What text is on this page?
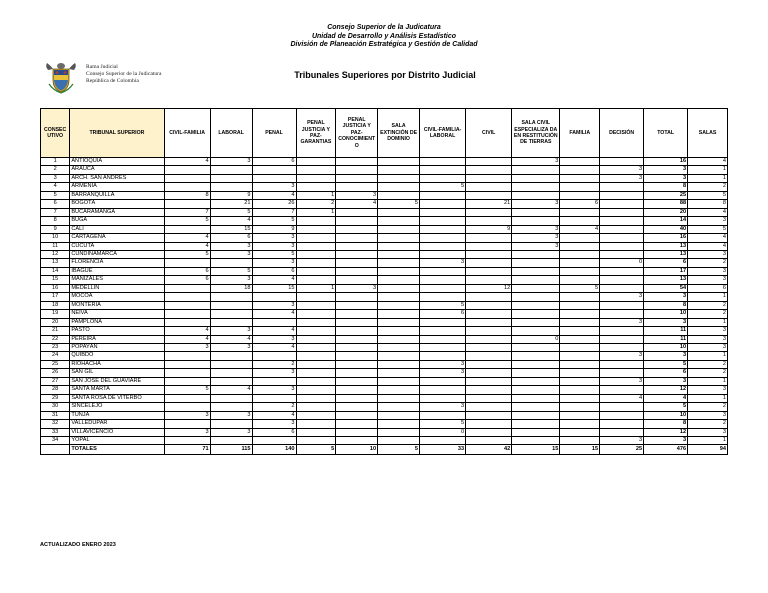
Consejo Superior de la Judicatura
Unidad de Desarrollo y Análisis Estadístico
División de Planeación Estratégica y Gestión de Calidad
Rama Judicial
Consejo Superior de la Judicatura
República de Colombia
Tribunales Superiores por Distrito Judicial
CONSEC UTIVO	TRIBUNAL SUPERIOR	CIVIL-FAMILIA	LABORAL	PENAL	PENAL JUSTICIA Y PAZ-GARANTIAS	PENAL JUSTICIA Y PAZ-CONOCIMIENT O	SALA EXTINCIÓN DE DOMINIO	CIVIL-FAMILIA-LABORAL	CIVIL	SALA CIVIL ESPECIALIZA DA EN RESTITUCIÓN DE TIERRAS	FAMILIA	DECISIÓN	TOTAL	SALAS
1	ANTIOQUIA	4	3	6						3			16	4
2	ARAUCA											3	3	1
3	ARCH. SAN ANDRÉS											3	3	1
4	ARMENIA			3				5					8	2
5	BARRANQUILLA	8	9	4	1	3							25	5
6	BOGOTÁ		21	26	2	4	5		21	3	6		88	8
7	BUCARAMANGA	7	5	7	1								20	4
8	BUGA	5	4	5									14	3
9	CALI		15	9					9	3	4		40	5
10	CARTAGENA	4	6	3						3			16	4
11	CÚCUTA	4	3	3						3			13	4
12	CUNDINAMARCA	5	3	5									13	3
13	FLORENCIA			3				3				0	6	2
14	IBAGUÉ	6	5	6									17	3
15	MANIZALES	6	3	4									13	3
16	MEDELLÍN		18	15	1	3			12		5		54	6
17	MOCOA											3	3	1
18	MONTERÍA			3				5					8	2
19	NEIVA			4				6					10	2
20	PAMPLONA											3	3	1
21	PASTO	4	3	4									11	3
22	PEREIRA	4	4	3						0			11	3
23	POPAYÁN	3	3	4									10	3
24	QUIBDÓ											3	3	1
25	RIOHACHA			2				3					5	2
26	SAN GIL			3				3					6	2
27	SAN JOSÉ DEL GUAVIARE											3	3	1
28	SANTA MARTA	5	4	3									12	3
29	SANTA ROSA DE VITERBO											4	4	1
30	SINCELEJO			2				3					5	2
31	TUNJA	3	3	4									10	3
32	VALLEDUPAR			3				5					8	2
33	VILLAVICENCIO	3	3	6				0					12	3
34	YOPAL											3	3	1
	TOTALES	71	115	140	5	10	5	33	42	15	15	25	476	94
ACTUALIZADO ENERO 2023
